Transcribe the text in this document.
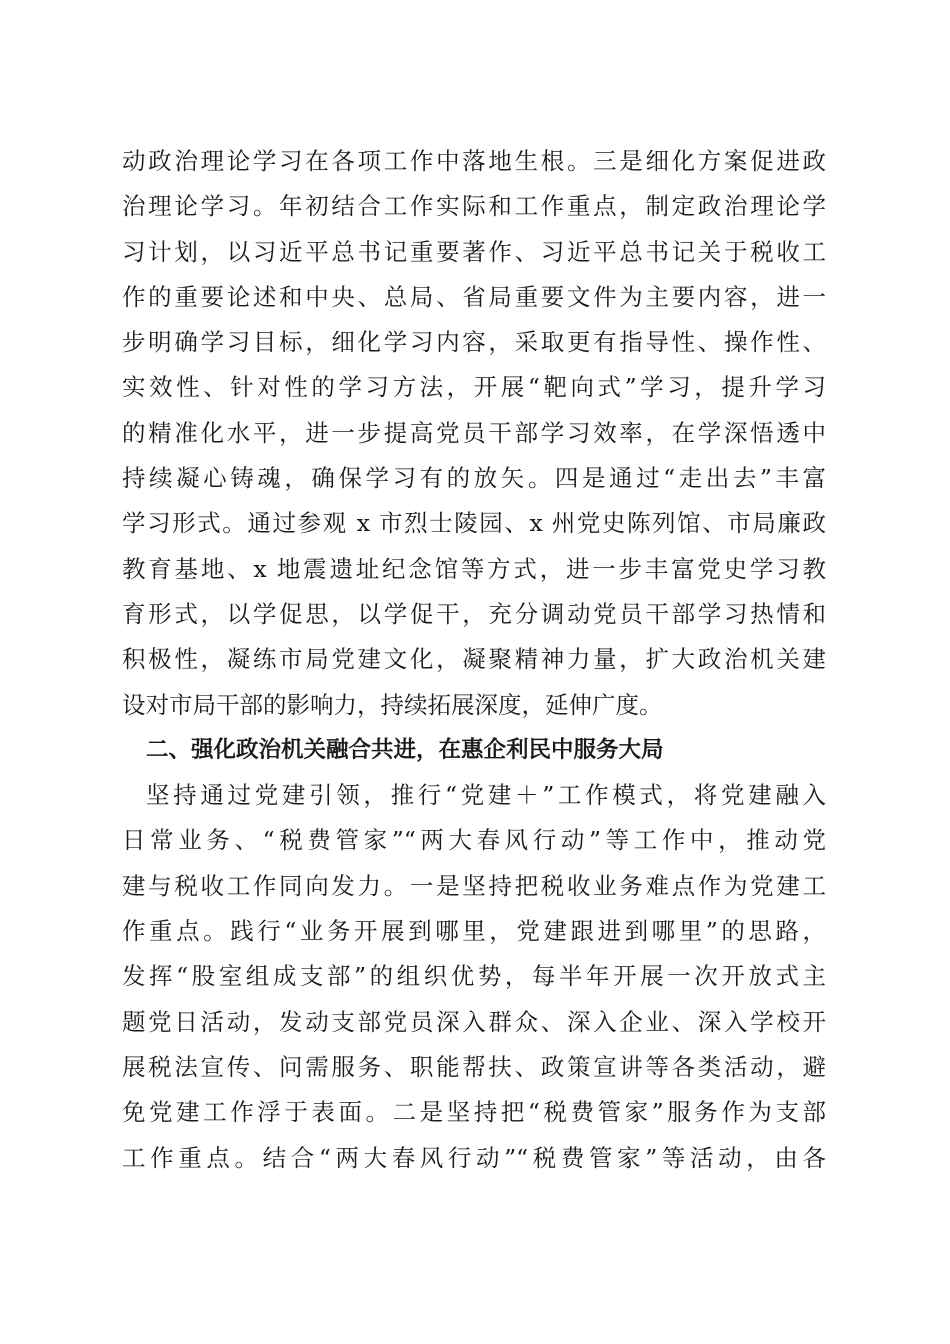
动政治理论学习在各项工作中落地生根。三是细化方案促进政
治理论学习。年初结合工作实际和工作重点，制定政治理论学
习计划，以习近平总书记重要著作、习近平总书记关于税收工
作的重要论述和中央、总局、省局重要文件为主要内容，进一
步明确学习目标，细化学习内容，采取更有指导性、操作性、
实效性、针对性的学习方法，开展“靶向式”学习，提升学习
的精准化水平，进一步提高党员干部学习效率，在学深悟透中
持续凝心铸魂，确保学习有的放矢。四是通过“走出去”丰富
学习形式。通过参观 x 市烈士陵园、x 州党史陈列馆、市局廉政
教育基地、x 地震遗址纪念馆等方式，进一步丰富党史学习教
育形式，以学促思，以学促干，充分调动党员干部学习热情和
积极性，凝练市局党建文化，凝聚精神力量，扩大政治机关建
设对市局干部的影响力，持续拓展深度，延伸广度。
二、强化政治机关融合共进，在惠企利民中服务大局
坚持通过党建引领，推行“党建＋”工作模式，将党建融入
日常业务、“税费管家”“两大春风行动”等工作中，推动党
建与税收工作同向发力。一是坚持把税收业务难点作为党建工
作重点。践行“业务开展到哪里，党建跟进到哪里”的思路，
发挥“股室组成支部”的组织优势，每半年开展一次开放式主
题党日活动，发动支部党员深入群众、深入企业、深入学校开
展税法宣传、问需服务、职能帮扶、政策宣讲等各类活动，避
免党建工作浮于表面。二是坚持把“税费管家”服务作为支部
工作重点。结合“两大春风行动”“税费管家”等活动，由各
